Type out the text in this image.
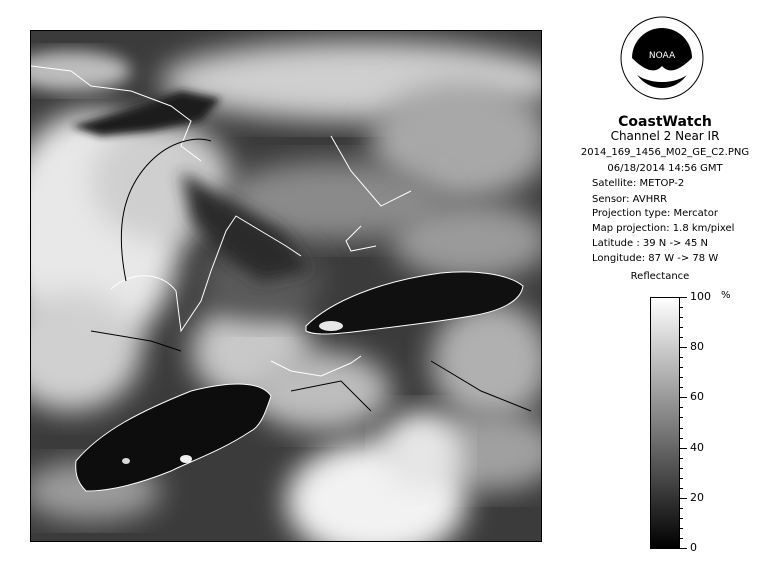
NOAA
CoastWatch
Channel 2 Near IR
2014_169_1456_M02_GE_C2.PNG
06/18/2014 14:56 GMT
Satellite: METOP-2
Sensor: AVHRR
Projection type: Mercator
Map projection: 1.8 km/pixel
Latitude : 39 N -> 45 N
Longitude: 87 W -> 78 W
Reflectance
%
100
80
60
40
20
0
